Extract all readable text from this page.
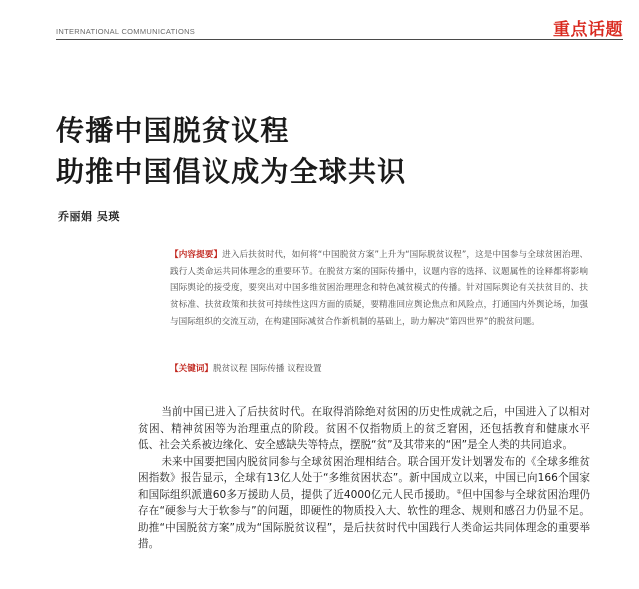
INTERNATIONAL COMMUNICATIONS	重点话题
传播中国脱贫议程
助推中国倡议成为全球共识
乔丽娟 吴瑛
【内容提要】进入后扶贫时代，如何将“中国脱贫方案”上升为“国际脱贫议程”，这是中国参与全球贫困治理、践行人类命运共同体理念的重要环节。在脱贫方案的国际传播中，议题内容的选择、议题属性的诠释都将影响国际舆论的接受度，要突出对中国多维贫困治理理念和特色减贫模式的传播。针对国际舆论有关扶贫目的、扶贫标准、扶贫政策和扶贫可持续性这四方面的质疑，要精准回应舆论焦点和风险点，打通国内外舆论场，加强与国际组织的交流互动，在构建国际减贫合作新机制的基础上，助力解决“第四世界”的脱贫问题。
【关键词】脱贫议程 国际传播 议程设置

当前中国已进入了后扶贫时代。在取得消除绝对贫困的历史性成就之后，中国进入了以相对贫困、精神贫困等为治理重点的阶段。贫困不仅指物质上的贫乏窘困，还包括教育和健康水平低、社会关系被边缘化、安全感缺失等特点，摆脱“贫”及其带来的“困”是全人类的共同追求。

未来中国要把国内脱贫同参与全球贫困治理相结合。联合国开发计划署发布的《全球多维贫困指数》报告显示，全球有13亿人处于“多维贫困状态”。新中国成立以来，中国已向166个国家和国际组织派遣60多万援助人员，提供了近4000亿元人民币援助。①但中国参与全球贫困治理仍存在“硬参与大于软参与”的问题，即硬性的物质投入大、软性的理念、规则和感召力仍显不足。助推“中国脱贫方案”成为“国际脱贫议程”，是后扶贫时代中国践行人类命运共同体理念的重要举措。
